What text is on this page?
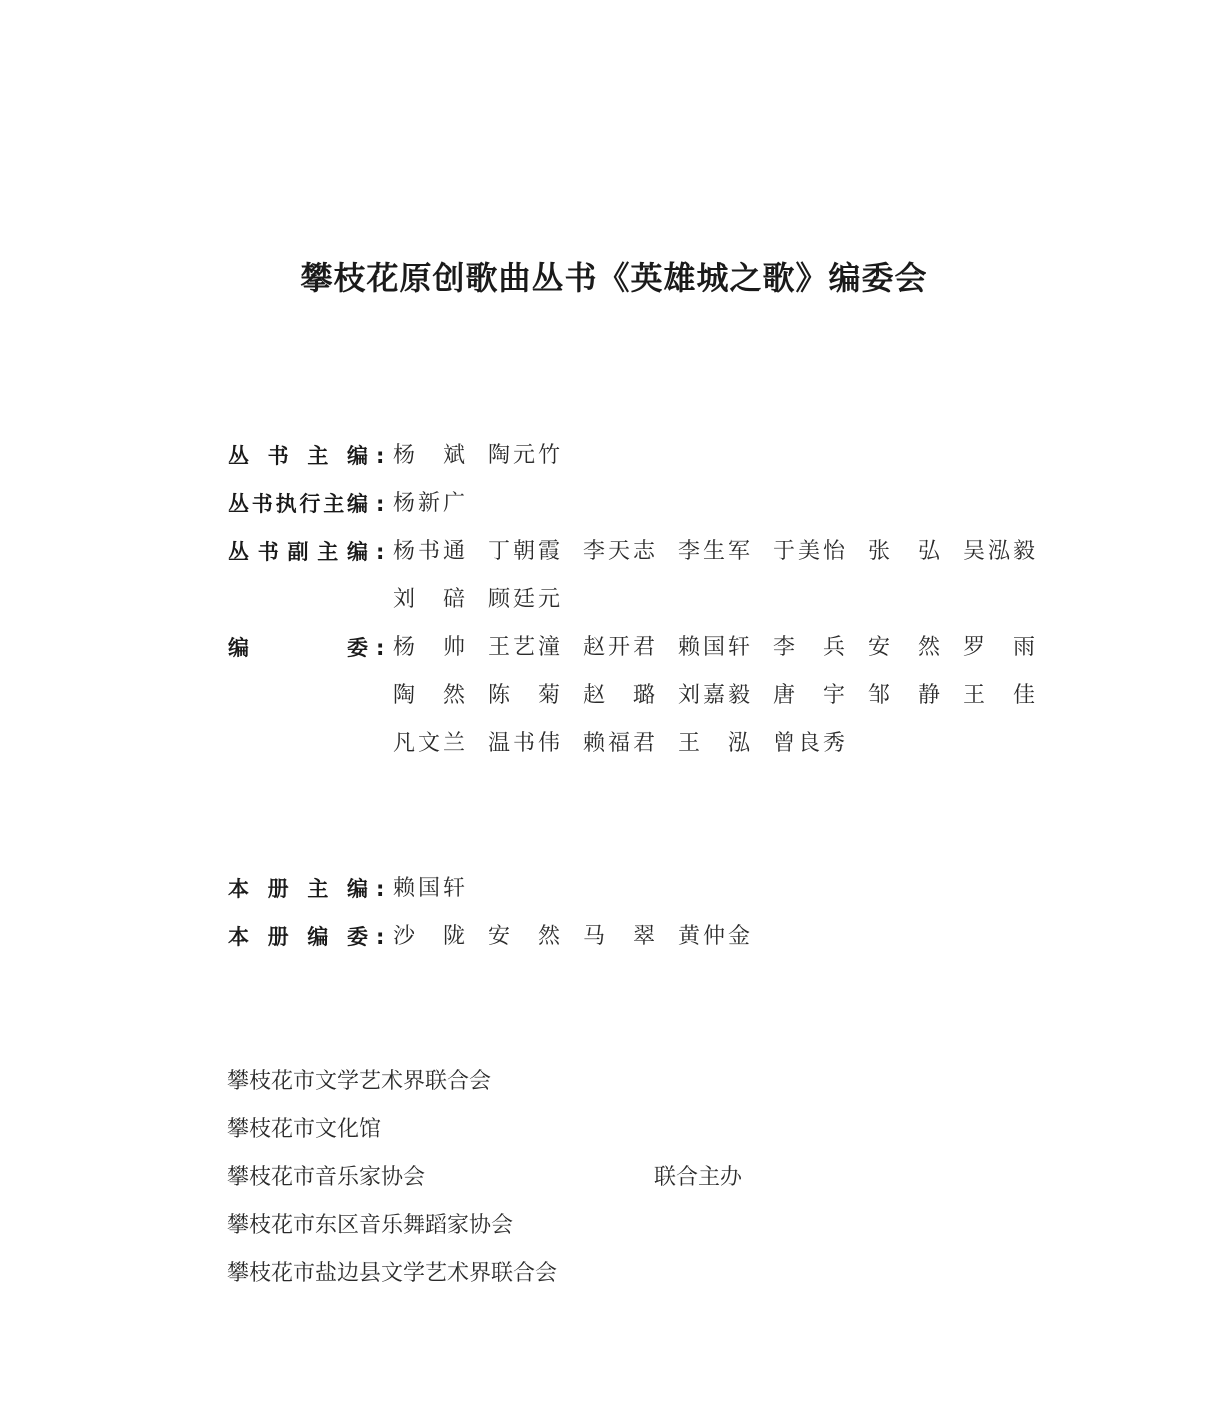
攀枝花原创歌曲丛书《英雄城之歌》编委会
丛 书 主 编 : 杨斌 陶元竹
丛 书 执 行 主 编 : 杨新广
丛 书 副 主 编 : 杨书通 丁朝霞 李天志 李生军 于美怡 张弘 吴泓毅
刘碚 顾廷元
编	委 : 杨帅 王艺潼 赵开君 赖国轩 李兵 安然 罗雨
陶然 陈菊 赵璐 刘嘉毅 唐宇 邹静 王佳
凡文兰 温书伟 赖福君 王泓 曾良秀
本 册 主 编 : 赖国轩
本 册 编 委 : 沙陇 安然 马翠 黄仲金
攀枝花市文学艺术界联合会
攀枝花市文化馆
攀枝花市音乐家协会	联合主办
攀枝花市东区音乐舞蹈家协会
攀枝花市盐边县文学艺术界联合会
